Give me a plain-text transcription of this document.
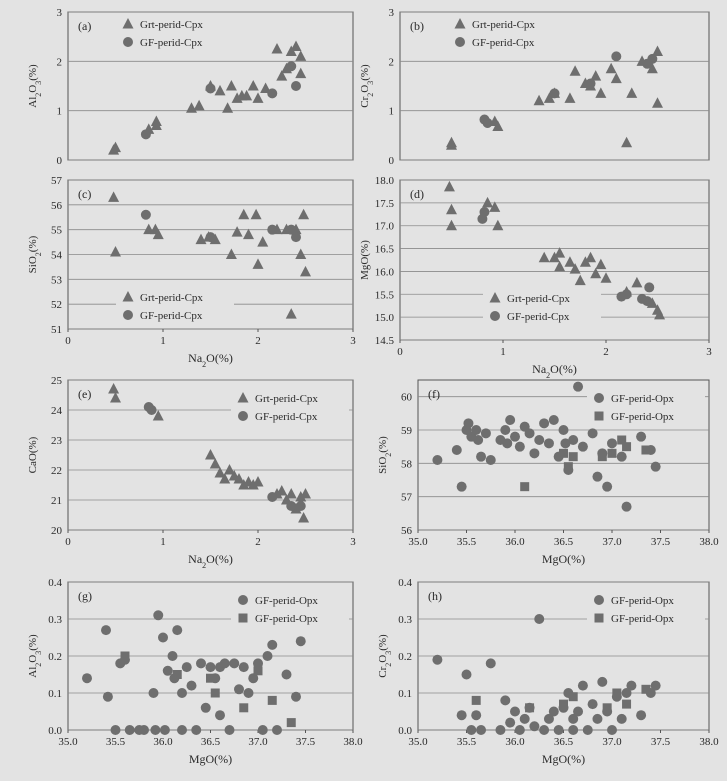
0
1
2
3
$Al_2O_3(\%)$
(a)	Grt-perid-Cpx
GF-perid-Cpx
0
1
2
3
$Cr_2O_3(\%)$
(b)	Grt-perid-Cpx
GF-perid-Cpx
51
52
53
54
55
56
57
0	1	2	3
$Na_2O(\%)$
SiO$_2$(%)
(c)
Grt-perid-Cpx
GF-perid-Cpx
14.5
15.0
15.5
16.0
16.5
17.0
17.5
18.0
0	1	2	3
$Na_2O(\%)$
MgO(%)
(d)
Grt-perid-Cpx
GF-perid-Cpx
20
21
22
23
24
25
0	1	2	3
$Na_2O(\%)$
CaO(%)
(e)	Grt-perid-Cpx
GF-perid-Cpx
56
57
58
59
60
35.0	35.5	36.0	36.5	37.0	37.5	38.0
MgO(%)
SiO$_2$(%)
(f)	GF-perid-Opx
GF-perid-Opx
0.0
0.1
0.2
0.3
0.4
35.0	35.5	36.0	36.5	37.0	37.5	38.0
MgO(%)
$Al_2O_3(\%)$
(g)	GF-perid-Opx
GF-perid-Opx
0.0
0.1
0.2
0.3
0.4
35.0	35.5	36.0	36.5	37.0	37.5	38.0
MgO(%)
$Cr_2O_3(\%)$
(h)	GF-perid-Opx
GF-perid-Opx
